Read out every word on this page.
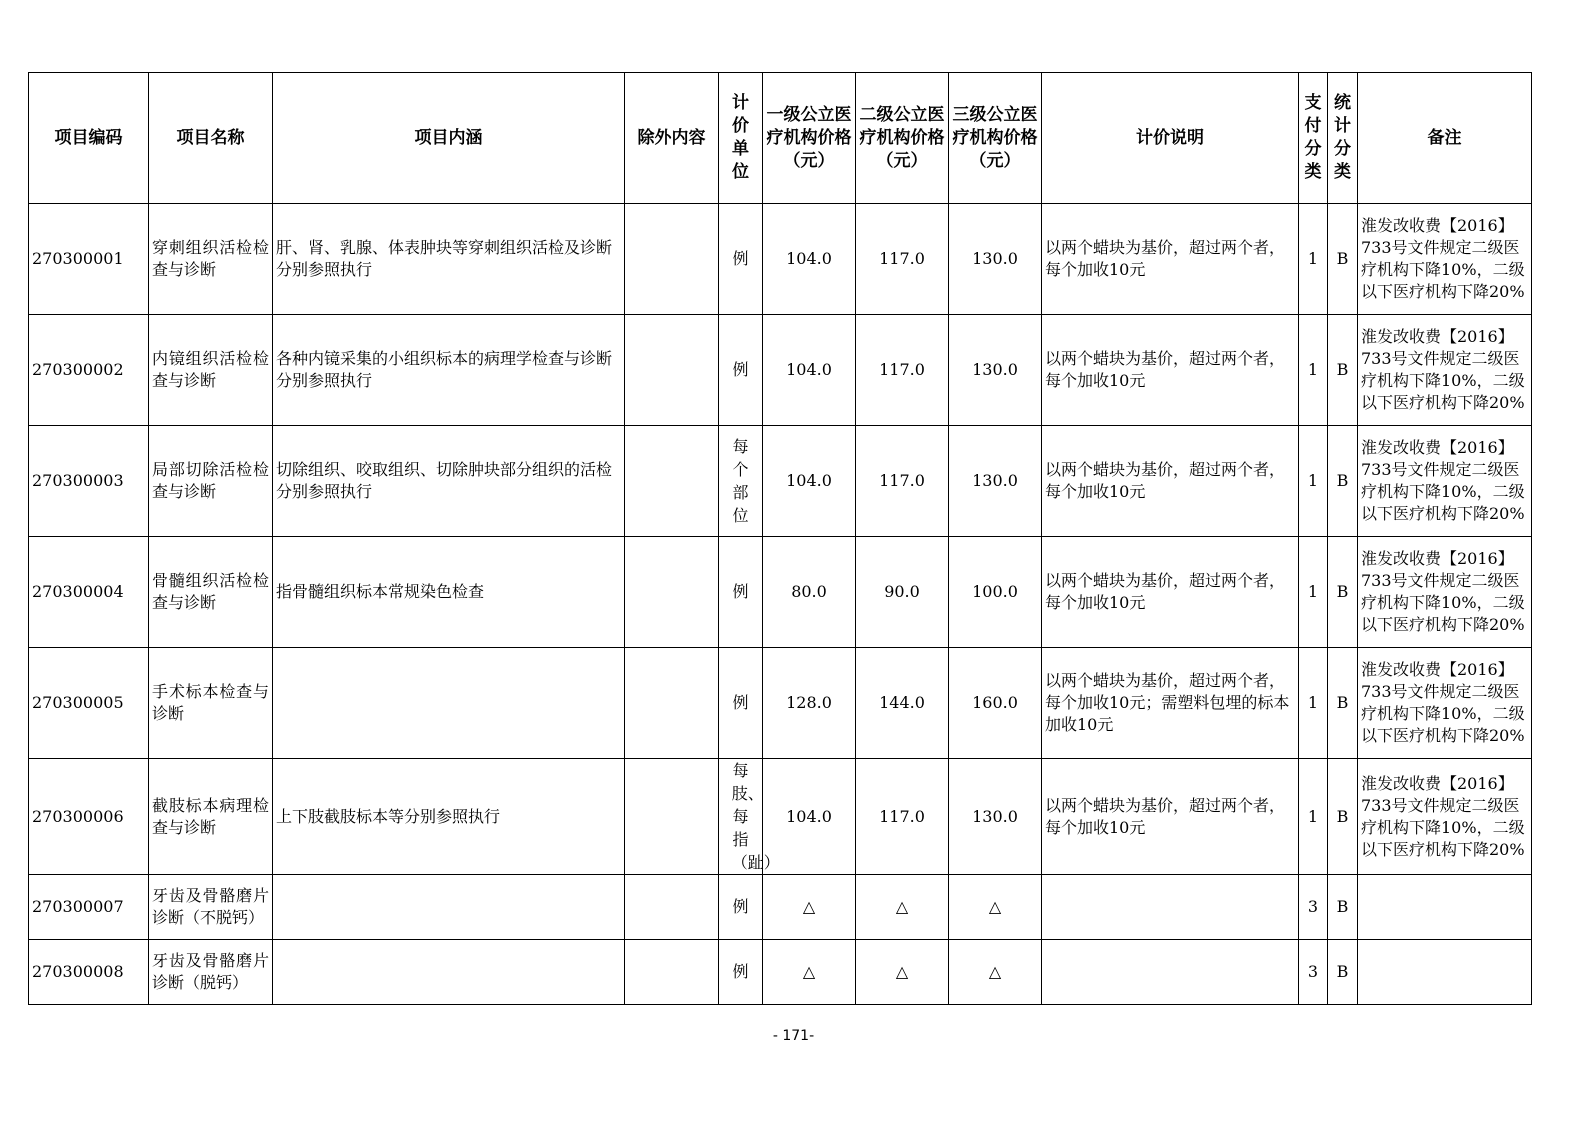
项目编码	项目名称	项目内涵	除外内容	计价单位	一级公立医疗机构价格（元）	二级公立医疗机构价格（元）	三级公立医疗机构价格（元）	计价说明	支付分类	统计分类	备注
270300001	穿刺组织活检检查与诊断	肝、肾、乳腺、体表肿块等穿刺组织活检及诊断分别参照执行		例	104.0	117.0	130.0	以两个蜡块为基价，超过两个者，每个加收10元	1	B	淮发改收费【2016】733号文件规定二级医疗机构下降10%，二级以下医疗机构下降20%
270300002	内镜组织活检检查与诊断	各种内镜采集的小组织标本的病理学检查与诊断分别参照执行		例	104.0	117.0	130.0	以两个蜡块为基价，超过两个者，每个加收10元	1	B	淮发改收费【2016】733号文件规定二级医疗机构下降10%，二级以下医疗机构下降20%
270300003	局部切除活检检查与诊断	切除组织、咬取组织、切除肿块部分组织的活检分别参照执行		每个部位	104.0	117.0	130.0	以两个蜡块为基价，超过两个者，每个加收10元	1	B	淮发改收费【2016】733号文件规定二级医疗机构下降10%，二级以下医疗机构下降20%
270300004	骨髓组织活检检查与诊断	指骨髓组织标本常规染色检查		例	80.0	90.0	100.0	以两个蜡块为基价，超过两个者，每个加收10元	1	B	淮发改收费【2016】733号文件规定二级医疗机构下降10%，二级以下医疗机构下降20%
270300005	手术标本检查与诊断			例	128.0	144.0	160.0	以两个蜡块为基价，超过两个者，每个加收10元；需塑料包埋的标本加收10元	1	B	淮发改收费【2016】733号文件规定二级医疗机构下降10%，二级以下医疗机构下降20%
270300006	截肢标本病理检查与诊断	上下肢截肢标本等分别参照执行		每肢、每指（趾）	104.0	117.0	130.0	以两个蜡块为基价，超过两个者，每个加收10元	1	B	淮发改收费【2016】733号文件规定二级医疗机构下降10%，二级以下医疗机构下降20%
270300007	牙齿及骨骼磨片诊断（不脱钙）			例	△	△	△		3	B	
270300008	牙齿及骨骼磨片诊断（脱钙）			例	△	△	△		3	B	
- 171-
